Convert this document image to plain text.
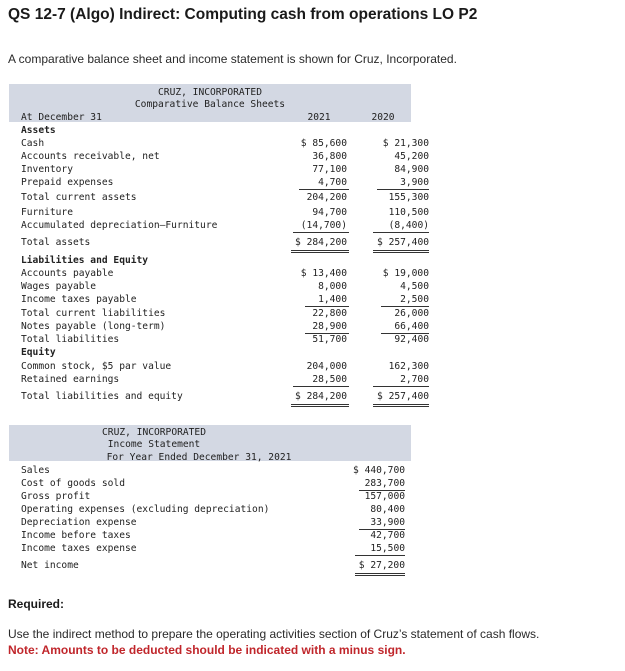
QS 12-7 (Algo) Indirect: Computing cash from operations LO P2

A comparative balance sheet and income statement is shown for Cruz, Incorporated.

CRUZ, INCORPORATED
Comparative Balance Sheets
At December 31	2021	2020
Assets
Cash	$ 85,600	$ 21,300
Accounts receivable, net	36,800	45,200
Inventory	77,100	84,900
Prepaid expenses	4,700	3,900
Total current assets	204,200	155,300
Furniture	94,700	110,500
Accumulated depreciation—Furniture	(14,700)	(8,400)
Total assets	$ 284,200	$ 257,400
Liabilities and Equity
Accounts payable	$ 13,400	$ 19,000
Wages payable	8,000	4,500
Income taxes payable	1,400	2,500
Total current liabilities	22,800	26,000
Notes payable (long-term)	28,900	66,400
Total liabilities	51,700	92,400
Equity
Common stock, $5 par value	204,000	162,300
Retained earnings	28,500	2,700
Total liabilities and equity	$ 284,200	$ 257,400
CRUZ, INCORPORATED
Income Statement
For Year Ended December 31, 2021
Sales	$ 440,700
Cost of goods sold	283,700
Gross profit	157,000
Operating expenses (excluding depreciation)	80,400
Depreciation expense	33,900
Income before taxes	42,700
Income taxes expense	15,500
Net income	$ 27,200

Required:

Use the indirect method to prepare the operating activities section of Cruz’s statement of cash flows.

Note: Amounts to be deducted should be indicated with a minus sign.
